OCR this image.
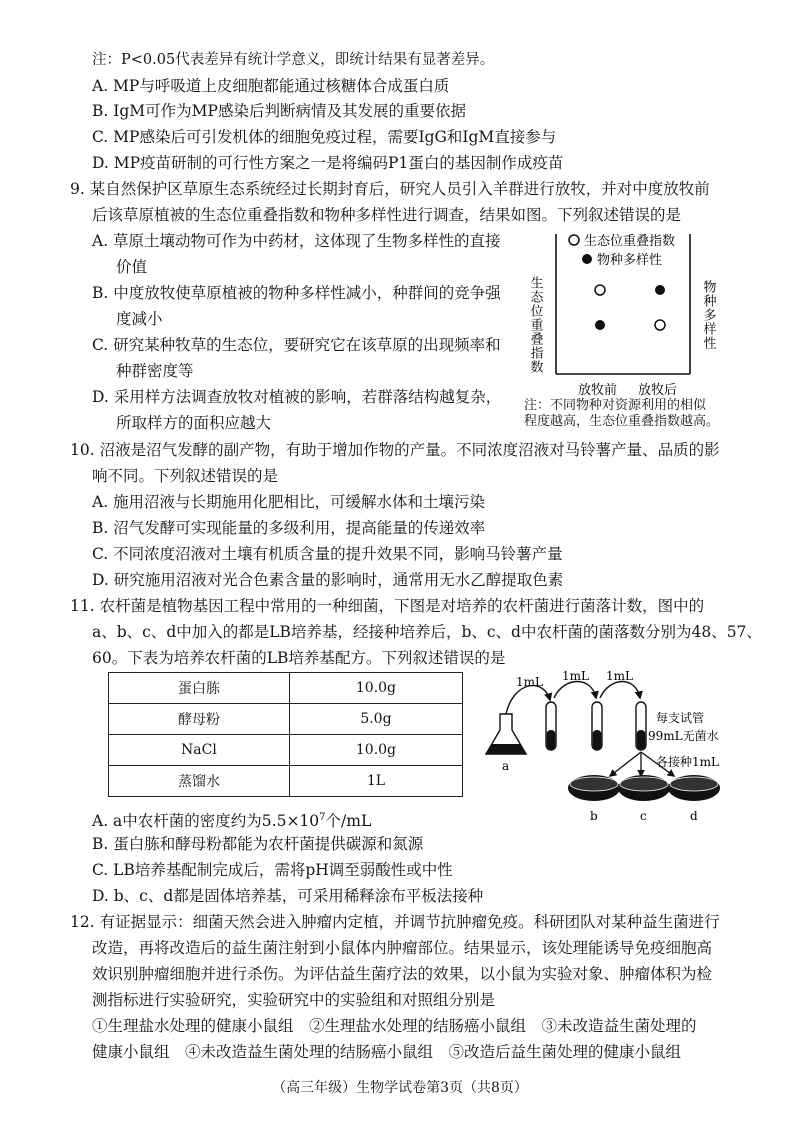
注：P<0.05代表差异有统计学意义，即统计结果有显著差异。
A. MP与呼吸道上皮细胞都能通过核糖体合成蛋白质
B. IgM可作为MP感染后判断病情及其发展的重要依据
C. MP感染后可引发机体的细胞免疫过程，需要IgG和IgM直接参与
D. MP疫苗研制的可行性方案之一是将编码P1蛋白的基因制作成疫苗
9. 某自然保护区草原生态系统经过长期封育后，研究人员引入羊群进行放牧，并对中度放牧前
后该草原植被的生态位重叠指数和物种多样性进行调查，结果如图。下列叙述错误的是
A. 草原土壤动物可作为中药材，这体现了生物多样性的直接
价值
B. 中度放牧使草原植被的物种多样性减小，种群间的竞争强
度减小
C. 研究某种牧草的生态位，要研究它在该草原的出现频率和
种群密度等
D. 采用样方法调查放牧对植被的影响，若群落结构越复杂，
所取样方的面积应越大
生态位重叠指数
物种多样性
生态位重叠指数	物种多样性
放牧前 放牧后
注：不同物种对资源利用的相似
程度越高，生态位重叠指数越高。
10. 沼液是沼气发酵的副产物，有助于增加作物的产量。不同浓度沼液对马铃薯产量、品质的影
响不同。下列叙述错误的是
A. 施用沼液与长期施用化肥相比，可缓解水体和土壤污染
B. 沼气发酵可实现能量的多级利用，提高能量的传递效率
C. 不同浓度沼液对土壤有机质含量的提升效果不同，影响马铃薯产量
D. 研究施用沼液对光合色素含量的影响时，通常用无水乙醇提取色素
11. 农杆菌是植物基因工程中常用的一种细菌，下图是对培养的农杆菌进行菌落计数，图中的
a、b、c、d中加入的都是LB培养基，经接种培养后，b、c、d中农杆菌的菌落数分别为48、57、
60。下表为培养农杆菌的LB培养基配方。下列叙述错误的是
蛋白胨	10.0g
酵母粉	5.0g
NaCl	10.0g
蒸馏水	1L
1mL 1mL 1mL
a
每支试管
99mL无菌水
各接种1mL
b	c	d
A. a中农杆菌的密度约为$5.5\times 10^7$个/mL
B. 蛋白胨和酵母粉都能为农杆菌提供碳源和氮源
C. LB培养基配制完成后，需将pH调至弱酸性或中性
D. b、c、d都是固体培养基，可采用稀释涂布平板法接种
12. 有证据显示：细菌天然会进入肿瘤内定植，并调节抗肿瘤免疫。科研团队对某种益生菌进行
改造，再将改造后的益生菌注射到小鼠体内肿瘤部位。结果显示，该处理能诱导免疫细胞高
效识别肿瘤细胞并进行杀伤。为评估益生菌疗法的效果，以小鼠为实验对象、肿瘤体积为检
测指标进行实验研究，实验研究中的实验组和对照组分别是
①生理盐水处理的健康小鼠组　②生理盐水处理的结肠癌小鼠组　③未改造益生菌处理的
健康小鼠组　④未改造益生菌处理的结肠癌小鼠组　⑤改造后益生菌处理的健康小鼠组
（高三年级）生物学试卷第3页（共8页）
